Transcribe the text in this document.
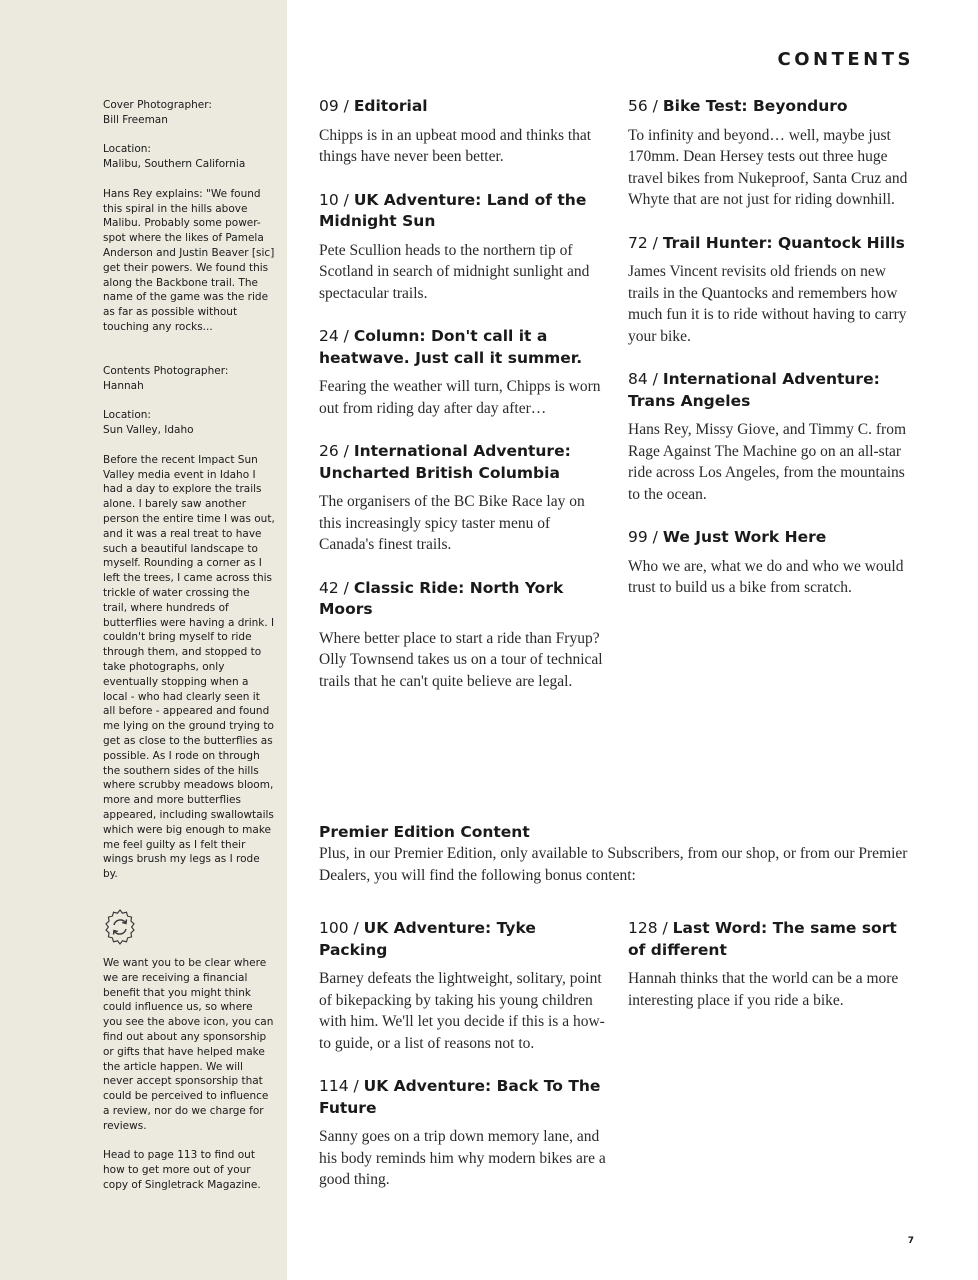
Cover Photographer:
Bill Freeman

Location:
Malibu, Southern California

Hans Rey explains: "We found this spiral in the hills above Malibu. Probably some power-spot where the likes of Pamela Anderson and Justin Beaver [sic] get their powers. We found this along the Backbone trail. The name of the game was the ride as far as possible without touching any rocks...

Contents Photographer:
Hannah

Location:
Sun Valley, Idaho

Before the recent Impact Sun Valley media event in Idaho I had a day to explore the trails alone. I barely saw another person the entire time I was out, and it was a real treat to have such a beautiful landscape to myself. Rounding a corner as I left the trees, I came across this trickle of water crossing the trail, where hundreds of butterflies were having a drink. I couldn't bring myself to ride through them, and stopped to take photographs, only eventually stopping when a local - who had clearly seen it all before - appeared and found me lying on the ground trying to get as close to the butterflies as possible. As I rode on through the southern sides of the hills where scrubby meadows bloom, more and more butterflies appeared, including swallowtails which were big enough to make me feel guilty as I felt their wings brush my legs as I rode by.

We want you to be clear where we are receiving a financial benefit that you might think could influence us, so where you see the above icon, you can find out about any sponsorship or gifts that have helped make the article happen. We will never accept sponsorship that could be perceived to influence a review, nor do we charge for reviews.

Head to page 113 to find out how to get more out of your copy of Singletrack Magazine.

CONTENTS
09 / Editorial
Chipps is in an upbeat mood and thinks that things have never been better.
10 / UK Adventure: Land of the Midnight Sun
Pete Scullion heads to the northern tip of Scotland in search of midnight sunlight and spectacular trails.
24 / Column: Don't call it a heatwave. Just call it summer.
Fearing the weather will turn, Chipps is worn out from riding day after day after…
26 / International Adventure: Uncharted British Columbia
The organisers of the BC Bike Race lay on this increasingly spicy taster menu of Canada's finest trails.
42 / Classic Ride: North York Moors
Where better place to start a ride than Fryup? Olly Townsend takes us on a tour of technical trails that he can't quite believe are legal.
56 / Bike Test: Beyonduro
To infinity and beyond… well, maybe just 170mm. Dean Hersey tests out three huge travel bikes from Nukeproof, Santa Cruz and Whyte that are not just for riding downhill.
72 / Trail Hunter: Quantock Hills
James Vincent revisits old friends on new trails in the Quantocks and remembers how much fun it is to ride without having to carry your bike.
84 / International Adventure: Trans Angeles
Hans Rey, Missy Giove, and Timmy C. from Rage Against The Machine go on an all-star ride across Los Angeles, from the mountains to the ocean.
99 / We Just Work Here
Who we are, what we do and who we would trust to build us a bike from scratch.
Premier Edition Content
Plus, in our Premier Edition, only available to Subscribers, from our shop, or from our Premier Dealers, you will find the following bonus content:
100 / UK Adventure: Tyke Packing
Barney defeats the lightweight, solitary, point of bikepacking by taking his young children with him. We'll let you decide if this is a how-to guide, or a list of reasons not to.
114 / UK Adventure: Back To The Future
Sanny goes on a trip down memory lane, and his body reminds him why modern bikes are a good thing.
128 / Last Word: The same sort of different
Hannah thinks that the world can be a more interesting place if you ride a bike.
7
